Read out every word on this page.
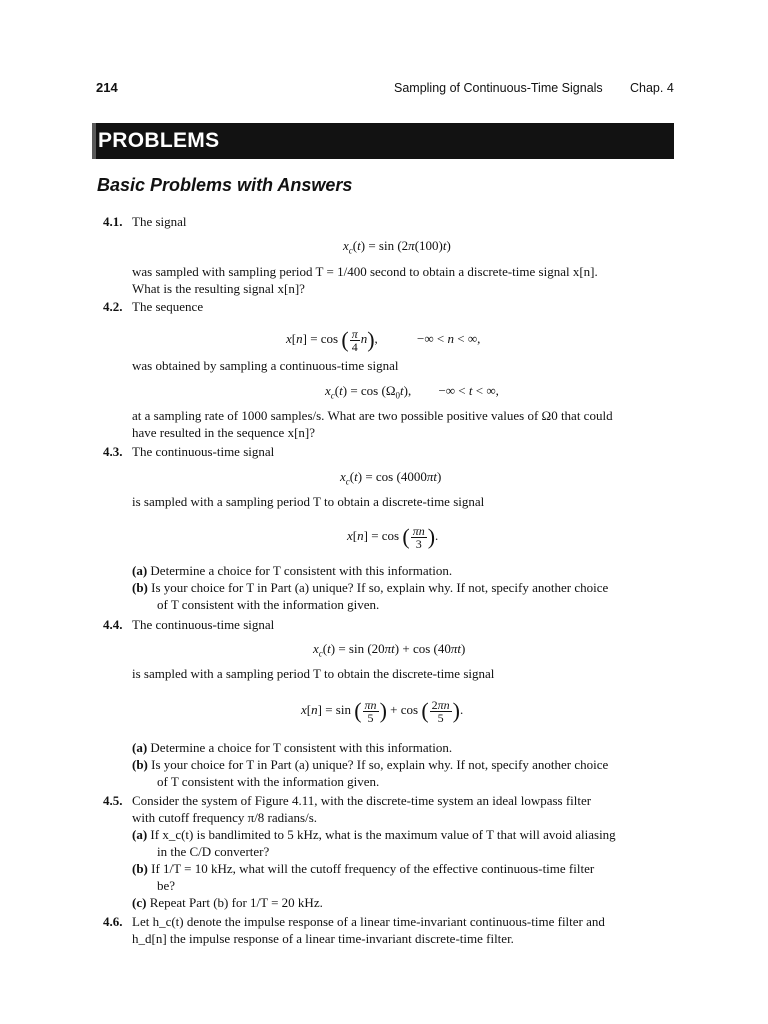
214	Sampling of Continuous-Time Signals Chap. 4
PROBLEMS
Basic Problems with Answers
4.1. The signal
$x_c(t) = \sin (2\pi(100)t)$
was sampled with sampling period T = 1/400 second to obtain a discrete-time signal x[n].
What is the resulting signal x[n]?
4.2. The sequence
x[n] = cos ( $\frac{\pi}{4} n$),	−∞ < n < ∞,
was obtained by sampling a continuous-time signal
$x_c(t) = \cos (\Omega_0t)$, −∞ < t < ∞,
at a sampling rate of 1000 samples/s. What are two possible positive values of Ω0 that could
have resulted in the sequence x[n]?
4.3. The continuous-time signal
$x_c(t) = \cos (4000\pi t)$
is sampled with a sampling period T to obtain a discrete-time signal
x[n] = cos ( $\frac{\pi n}{3}$ ).
(a) Determine a choice for T consistent with this information.
(b) Is your choice for T in Part (a) unique? If so, explain why. If not, specify another choice
of T consistent with the information given.
4.4. The continuous-time signal
$x_c(t) = \sin (20\pi t) + \cos (40\pi t)$
is sampled with a sampling period T to obtain the discrete-time signal
x[n] = sin ( $\frac{\pi n}{5}$ ) + cos ( $\frac{2\pi n}{5}$ ).
(a) Determine a choice for T consistent with this information.
(b) Is your choice for T in Part (a) unique? If so, explain why. If not, specify another choice
of T consistent with the information given.
4.5. Consider the system of Figure 4.11, with the discrete-time system an ideal lowpass filter
with cutoff frequency π/8 radians/s.
(a) If x_c(t) is bandlimited to 5 kHz, what is the maximum value of T that will avoid aliasing
in the C/D converter?
(b) If 1/T = 10 kHz, what will the cutoff frequency of the effective continuous-time filter
be?
(c) Repeat Part (b) for 1/T = 20 kHz.
4.6. Let h_c(t) denote the impulse response of a linear time-invariant continuous-time filter and
h_d[n] the impulse response of a linear time-invariant discrete-time filter.
